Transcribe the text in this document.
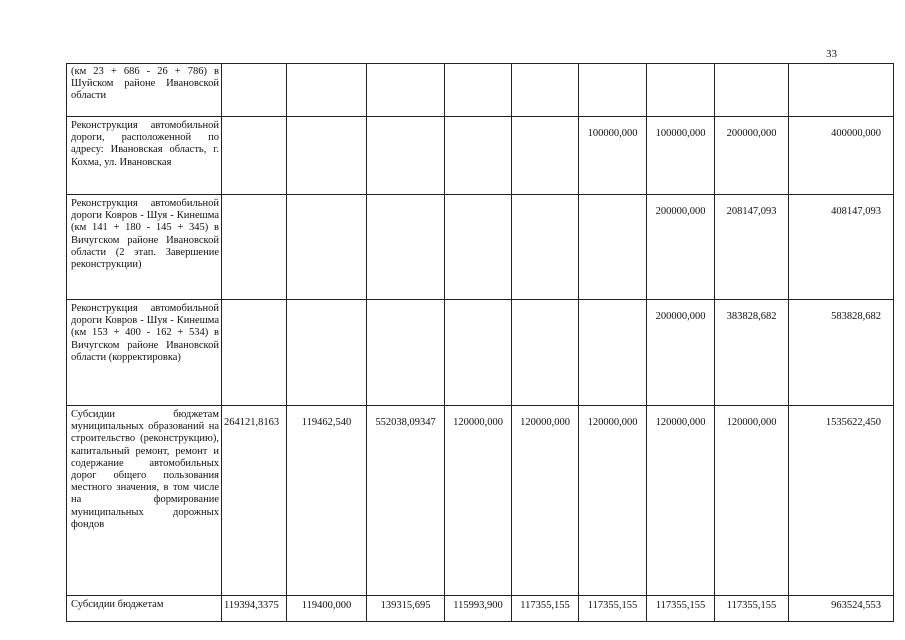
33
(км 23 + 686 - 26 + 786) в Шуйском районе Ивановской области									
Реконструкция автомобильной дороги, расположенной по адресу: Ивановская область, г. Кохма, ул. Ивановская						100000,000	100000,000	200000,000	400000,000
Реконструкция автомобильной дороги Ковров - Шуя - Кинешма (км 141 + 180 - 145 + 345) в Вичугском районе Ивановской области (2 этап. Завершение реконструкции)							200000,000	208147,093	408147,093
Реконструкция автомобильной дороги Ковров - Шуя - Кинешма (км 153 + 400 - 162 + 534) в Вичугском районе Ивановской области (корректировка)							200000,000	383828,682	583828,682
Субсидии бюджетам муниципальных образований на строительство (реконструкцию), капитальный ремонт, ремонт и содержание автомобильных дорог общего пользования местного значения, в том числе на формирование муниципальных дорожных фондов	264121,8163	119462,540	552038,09347	120000,000	120000,000	120000,000	120000,000	120000,000	1535622,450
Субсидии бюджетам	119394,3375	119400,000	139315,695	115993,900	117355,155	117355,155	117355,155	117355,155	963524,553
